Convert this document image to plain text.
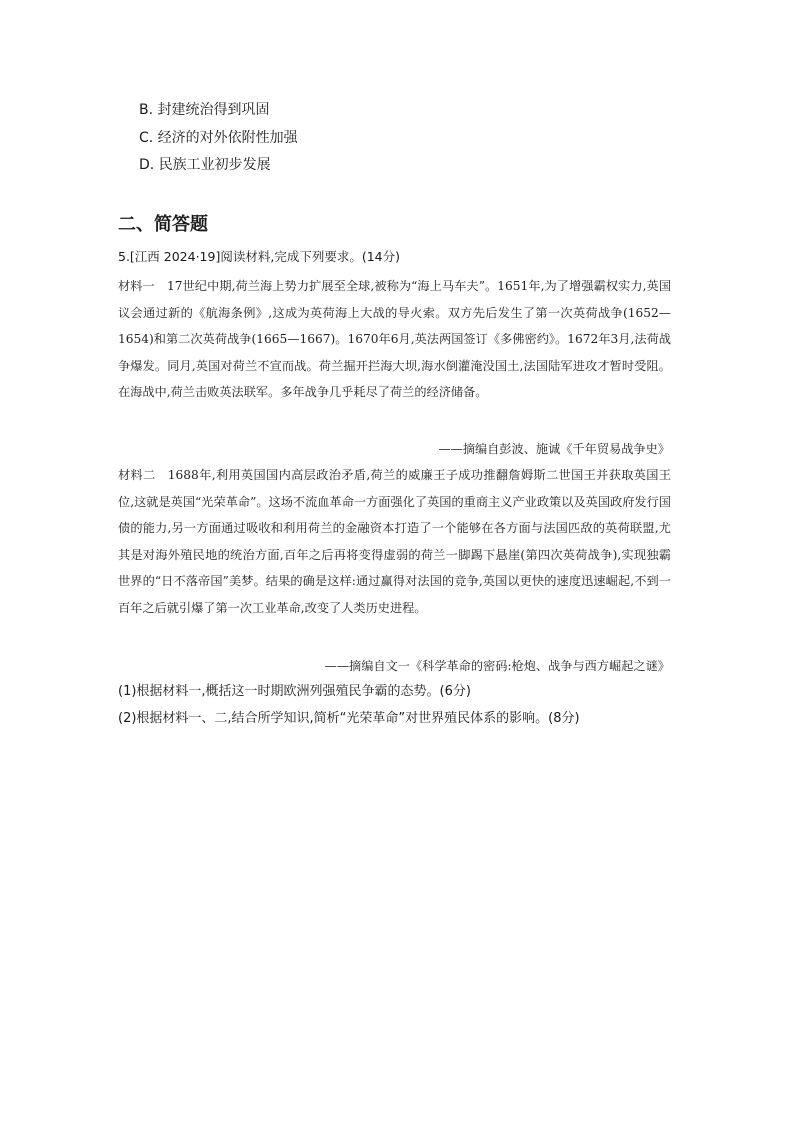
B. 封建统治得到巩固
C. 经济的对外依附性加强
D. 民族工业初步发展
二、简答题
5.[江西 2024·19]阅读材料,完成下列要求。(14分)
材料一  17世纪中期,荷兰海上势力扩展至全球,被称为“海上马车夫”。1651年,为了增强霸权实力,英国议会通过新的《航海条例》,这成为英荷海上大战的导火索。双方先后发生了第一次英荷战争(1652—1654)和第二次英荷战争(1665—1667)。1670年6月,英法两国签订《多佛密约》。1672年3月,法荷战争爆发。同月,英国对荷兰不宣而战。荷兰掘开拦海大坝,海水倒灌淹没国土,法国陆军进攻才暂时受阻。在海战中,荷兰击败英法联军。多年战争几乎耗尽了荷兰的经济储备。
——摘编自彭波、施诚《千年贸易战争史》
材料二  1688年,利用英国国内高层政治矛盾,荷兰的威廉王子成功推翻詹姆斯二世国王并获取英国王位,这就是英国“光荣革命”。这场不流血革命一方面强化了英国的重商主义产业政策以及英国政府发行国债的能力,另一方面通过吸收和利用荷兰的金融资本打造了一个能够在各方面与法国匹敌的英荷联盟,尤其是对海外殖民地的统治方面,百年之后再将变得虚弱的荷兰一脚踢下悬崖(第四次英荷战争),实现独霸世界的“日不落帝国”美梦。结果的确是这样:通过赢得对法国的竞争,英国以更快的速度迅速崛起,不到一百年之后就引爆了第一次工业革命,改变了人类历史进程。
——摘编自文一《科学革命的密码:枪炮、战争与西方崛起之谜》
(1)根据材料一,概括这一时期欧洲列强殖民争霸的态势。(6分)
(2)根据材料一、二,结合所学知识,简析“光荣革命”对世界殖民体系的影响。(8分)
